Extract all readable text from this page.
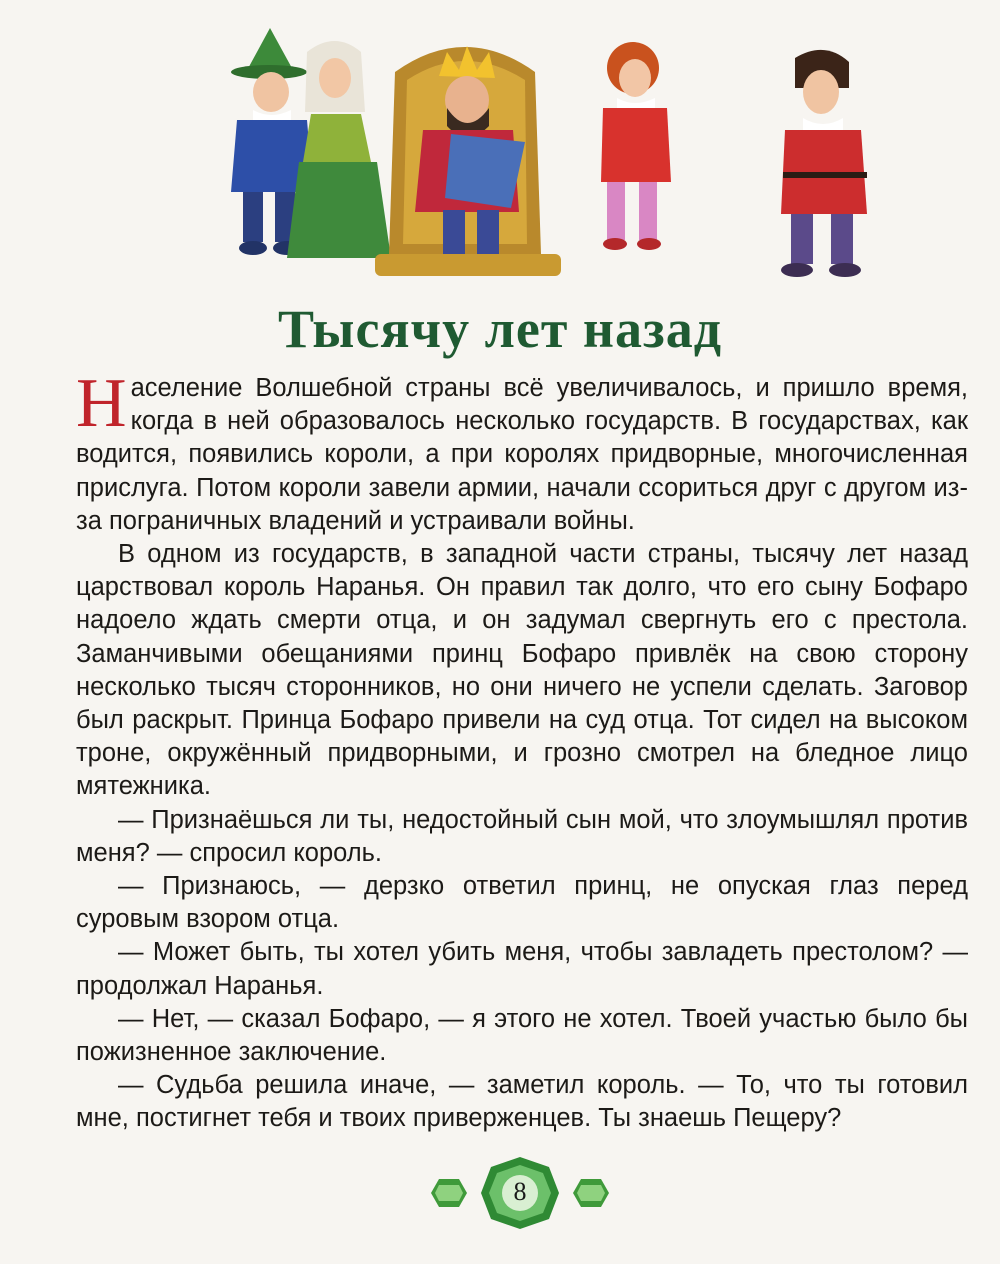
Тысячу лет назад

Население Волшебной страны всё увеличивалось, и пришло время, когда в ней образовалось несколько государств. В государствах, как водится, появились короли, а при королях придворные, многочисленная прислуга. Потом короли завели армии, начали ссориться друг с другом из-за пограничных владений и устраивали войны.

В одном из государств, в западной части страны, тысячу лет назад царствовал король Наранья. Он правил так долго, что его сыну Бофаро надоело ждать смерти отца, и он задумал свергнуть его с престола. Заманчивыми обещаниями принц Бофаро привлёк на свою сторону несколько тысяч сторонников, но они ничего не успели сделать. Заговор был раскрыт. Принца Бофаро привели на суд отца. Тот сидел на высоком троне, окружённый придворными, и грозно смотрел на бледное лицо мятежника.

— Признаёшься ли ты, недостойный сын мой, что злоумышлял против меня? — спросил король.

— Признаюсь, — дерзко ответил принц, не опуская глаз перед суровым взором отца.

— Может быть, ты хотел убить меня, чтобы завладеть престолом? — продолжал Наранья.

— Нет, — сказал Бофаро, — я этого не хотел. Твоей участью было бы пожизненное заключение.

— Судьба решила иначе, — заметил король. — То, что ты готовил мне, постигнет тебя и твоих приверженцев. Ты знаешь Пещеру?

8
